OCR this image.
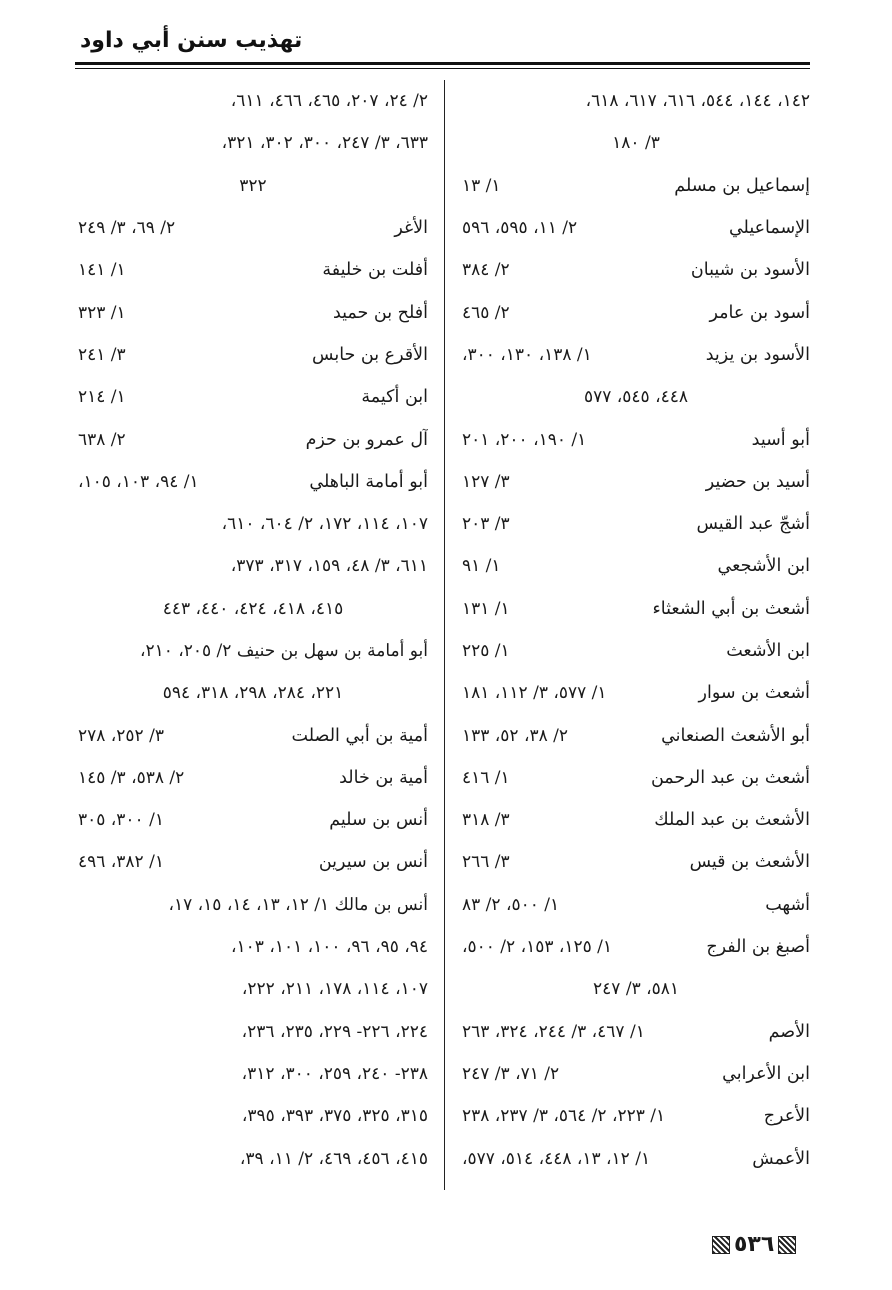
تهذيب سنن أبي داود
١٤٢، ١٤٤، ٥٤٤، ٦١٦، ٦١٧، ٦١٨،
٣/ ١٨٠
إسماعيل بن مسلم
١/ ١٣
الإسماعيلي
٢/ ١١، ٥٩٥، ٥٩٦
الأسود بن شيبان
٢/ ٣٨٤
أسود بن عامر
٢/ ٤٦٥
الأسود بن يزيد
١/ ١٣٨، ١٣٠، ٣٠٠،
٤٤٨، ٥٤٥، ٥٧٧
أبو أسيد
١/ ١٩٠، ٢٠٠، ٢٠١
أسيد بن حضير
٣/ ١٢٧
أشجّ عبد القيس
٣/ ٢٠٣
ابن الأشجعي
١/ ٩١
أشعث بن أبي الشعثاء
١/ ١٣١
ابن الأشعث
١/ ٢٢٥
أشعث بن سوار
١/ ٥٧٧، ٣/ ١١٢، ١٨١
أبو الأشعث الصنعاني
٢/ ٣٨، ٥٢، ١٣٣
أشعث بن عبد الرحمن
١/ ٤١٦
الأشعث بن عبد الملك
٣/ ٣١٨
الأشعث بن قيس
٣/ ٢٦٦
أشهب
١/ ٥٠٠، ٢/ ٨٣
أصبغ بن الفرج
١/ ١٢٥، ١٥٣، ٢/ ٥٠٠،
٥٨١، ٣/ ٢٤٧
الأصم
١/ ٤٦٧، ٣/ ٢٤٤، ٣٢٤، ٢٦٣
ابن الأعرابي
٢/ ٧١، ٣/ ٢٤٧
الأعرج
١/ ٢٢٣، ٢/ ٥٦٤، ٣/ ٢٣٧، ٢٣٨
الأعمش
١/ ١٢، ١٣، ٤٤٨، ٥١٤، ٥٧٧،
٢/ ٢٤، ٢٠٧، ٤٦٥، ٤٦٦، ٦١١،
٦٣٣، ٣/ ٢٤٧، ٣٠٠، ٣٠٢، ٣٢١،
٣٢٢
الأغر
٢/ ٦٩، ٣/ ٢٤٩
أفلت بن خليفة
١/ ١٤١
أفلح بن حميد
١/ ٣٢٣
الأقرع بن حابس
٣/ ٢٤١
ابن أكيمة
١/ ٢١٤
آل عمرو بن حزم
٢/ ٦٣٨
أبو أمامة الباهلي
١/ ٩٤، ١٠٣، ١٠٥،
١٠٧، ١١٤، ١٧٢، ٢/ ٦٠٤، ٦١٠،
٦١١، ٣/ ٤٨، ١٥٩، ٣١٧، ٣٧٣،
٤١٥، ٤١٨، ٤٢٤، ٤٤٠، ٤٤٣
أبو أمامة بن سهل بن حنيف ٢/ ٢٠٥، ٢١٠،
٢٢١، ٢٨٤، ٢٩٨، ٣١٨، ٥٩٤
أمية بن أبي الصلت
٣/ ٢٥٢، ٢٧٨
أمية بن خالد
٢/ ٥٣٨، ٣/ ١٤٥
أنس بن سليم
١/ ٣٠٠، ٣٠٥
أنس بن سيرين
١/ ٣٨٢، ٤٩٦
أنس بن مالك ١/ ١٢، ١٣، ١٤، ١٥، ١٧،
٩٤، ٩٥، ٩٦، ١٠٠، ١٠١، ١٠٣،
١٠٧، ١١٤، ١٧٨، ٢١١، ٢٢٢،
٢٢٤، ٢٢٦- ٢٢٩، ٢٣٥، ٢٣٦،
٢٣٨- ٢٤٠، ٢٥٩، ٣٠٠، ٣١٢،
٣١٥، ٣٢٥، ٣٧٥، ٣٩٣، ٣٩٥،
٤١٥، ٤٥٦، ٤٦٩، ٢/ ١١، ٣٩،
٥٣٦
